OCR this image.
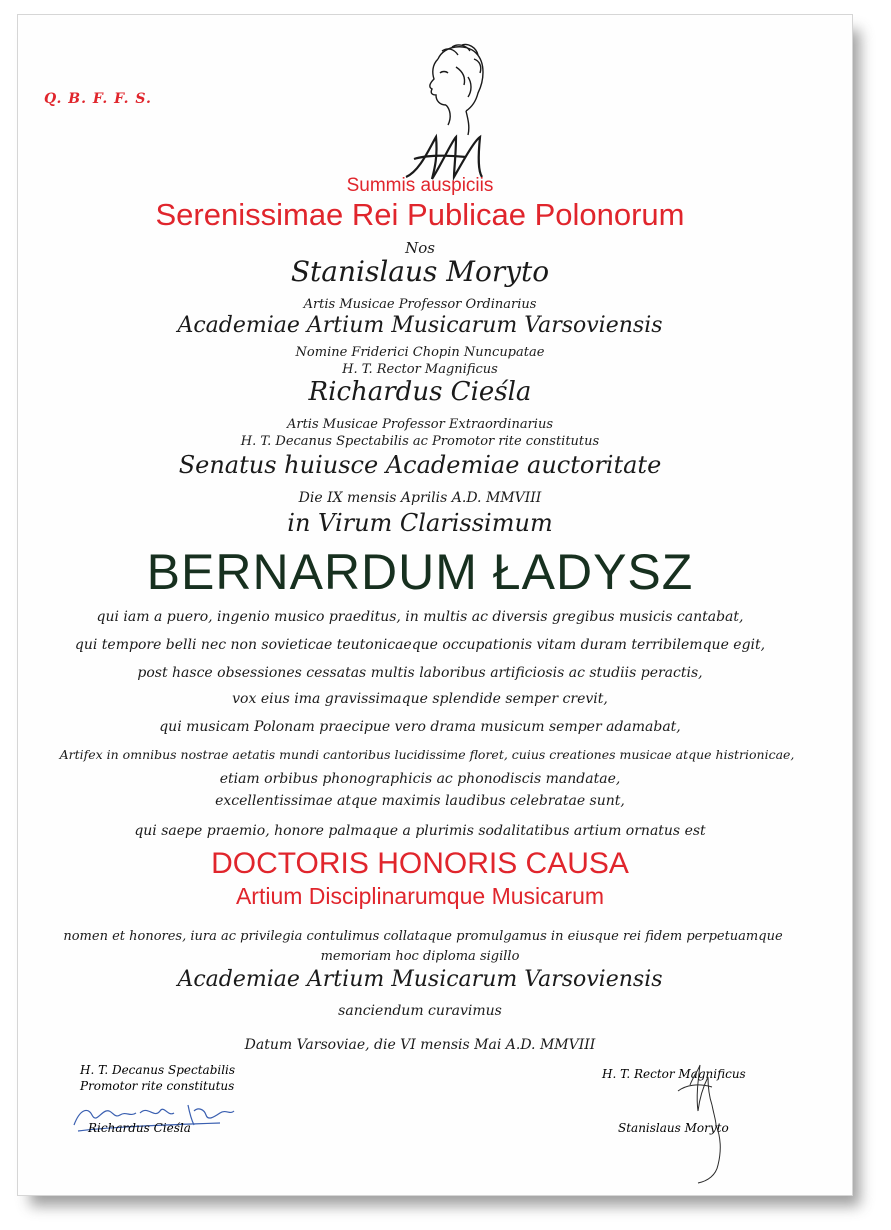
Q. B. F. F. S.
Summis auspiciis
Serenissimae Rei Publicae Polonorum
Nos
Stanislaus Moryto
Artis Musicae Professor Ordinarius
Academiae Artium Musicarum Varsoviensis
Nomine Friderici Chopin Nuncupatae
H. T. Rector Magnificus
Richardus Cieśla
Artis Musicae Professor Extraordinarius
H. T. Decanus Spectabilis ac Promotor rite constitutus
Senatus huiusce Academiae auctoritate
Die IX mensis Aprilis A.D. MMVIII
in Virum Clarissimum
BERNARDUM ŁADYSZ
qui iam a puero, ingenio musico praeditus, in multis ac diversis gregibus musicis cantabat,
qui tempore belli nec non sovieticae teutonicaeque occupationis vitam duram terribilemque egit,
post hasce obsessiones cessatas multis laboribus artificiosis ac studiis peractis,
vox eius ima gravissimaque splendide semper crevit,
qui musicam Polonam praecipue vero drama musicum semper adamabat,
Artifex in omnibus nostrae aetatis mundi cantoribus lucidissime floret, cuius creationes musicae atque histrionicae,
etiam orbibus phonographicis ac phonodiscis mandatae,
excellentissimae atque maximis laudibus celebratae sunt,
qui saepe praemio, honore palmaque a plurimis sodalitatibus artium ornatus est
DOCTORIS HONORIS CAUSA
Artium Disciplinarumque Musicarum
nomen et honores, iura ac privilegia contulimus collataque promulgamus in eiusque rei fidem perpetuamque
memoriam hoc diploma sigillo
Academiae Artium Musicarum Varsoviensis
sanciendum curavimus
Datum Varsoviae, die VI mensis Mai A.D. MMVIII
H. T. Decanus Spectabilis
Promotor rite constitutus
Richardus Cieśla
H. T. Rector Magnificus
Stanislaus Moryto
